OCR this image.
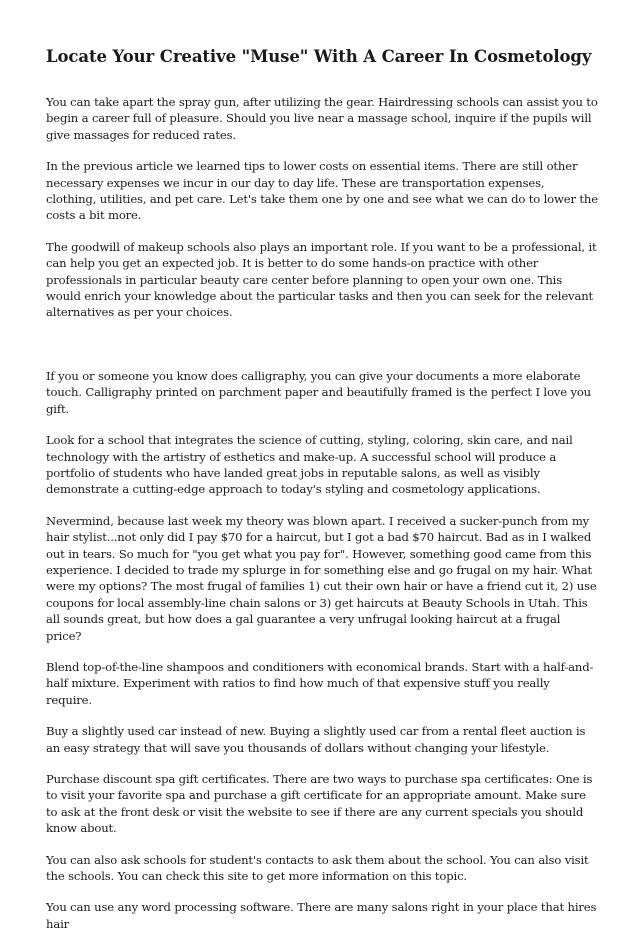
Locate Your Creative "Muse" With A Career In Cosmetology

You can take apart the spray gun, after utilizing the gear. Hairdressing schools can assist you to begin a career full of pleasure. Should you live near a massage school, inquire if the pupils will give massages for reduced rates.

In the previous article we learned tips to lower costs on essential items. There are still other necessary expenses we incur in our day to day life. These are transportation expenses, clothing, utilities, and pet care. Let's take them one by one and see what we can do to lower the costs a bit more.

The goodwill of makeup schools also plays an important role. If you want to be a professional, it can help you get an expected job. It is better to do some hands-on practice with other professionals in particular beauty care center before planning to open your own one. This would enrich your knowledge about the particular tasks and then you can seek for the relevant alternatives as per your choices.

If you or someone you know does calligraphy, you can give your documents a more elaborate touch. Calligraphy printed on parchment paper and beautifully framed is the perfect I love you gift.

Look for a school that integrates the science of cutting, styling, coloring, skin care, and nail technology with the artistry of esthetics and make-up. A successful school will produce a portfolio of students who have landed great jobs in reputable salons, as well as visibly demonstrate a cutting-edge approach to today's styling and cosmetology applications.

Nevermind, because last week my theory was blown apart. I received a sucker-punch from my hair stylist...not only did I pay $70 for a haircut, but I got a bad $70 haircut. Bad as in I walked out in tears. So much for "you get what you pay for". However, something good came from this experience. I decided to trade my splurge in for something else and go frugal on my hair. What were my options? The most frugal of families 1) cut their own hair or have a friend cut it, 2) use coupons for local assembly-line chain salons or 3) get haircuts at Beauty Schools in Utah. This all sounds great, but how does a gal guarantee a very unfrugal looking haircut at a frugal price?

Blend top-of-the-line shampoos and conditioners with economical brands. Start with a half-and-half mixture. Experiment with ratios to find how much of that expensive stuff you really require.

Buy a slightly used car instead of new. Buying a slightly used car from a rental fleet auction is an easy strategy that will save you thousands of dollars without changing your lifestyle.

Purchase discount spa gift certificates. There are two ways to purchase spa certificates: One is to visit your favorite spa and purchase a gift certificate for an appropriate amount. Make sure to ask at the front desk or visit the website to see if there are any current specials you should know about.

You can also ask schools for student's contacts to ask them about the school. You can also visit the schools. You can check this site to get more information on this topic.

You can use any word processing software. There are many salons right in your place that hires hair
